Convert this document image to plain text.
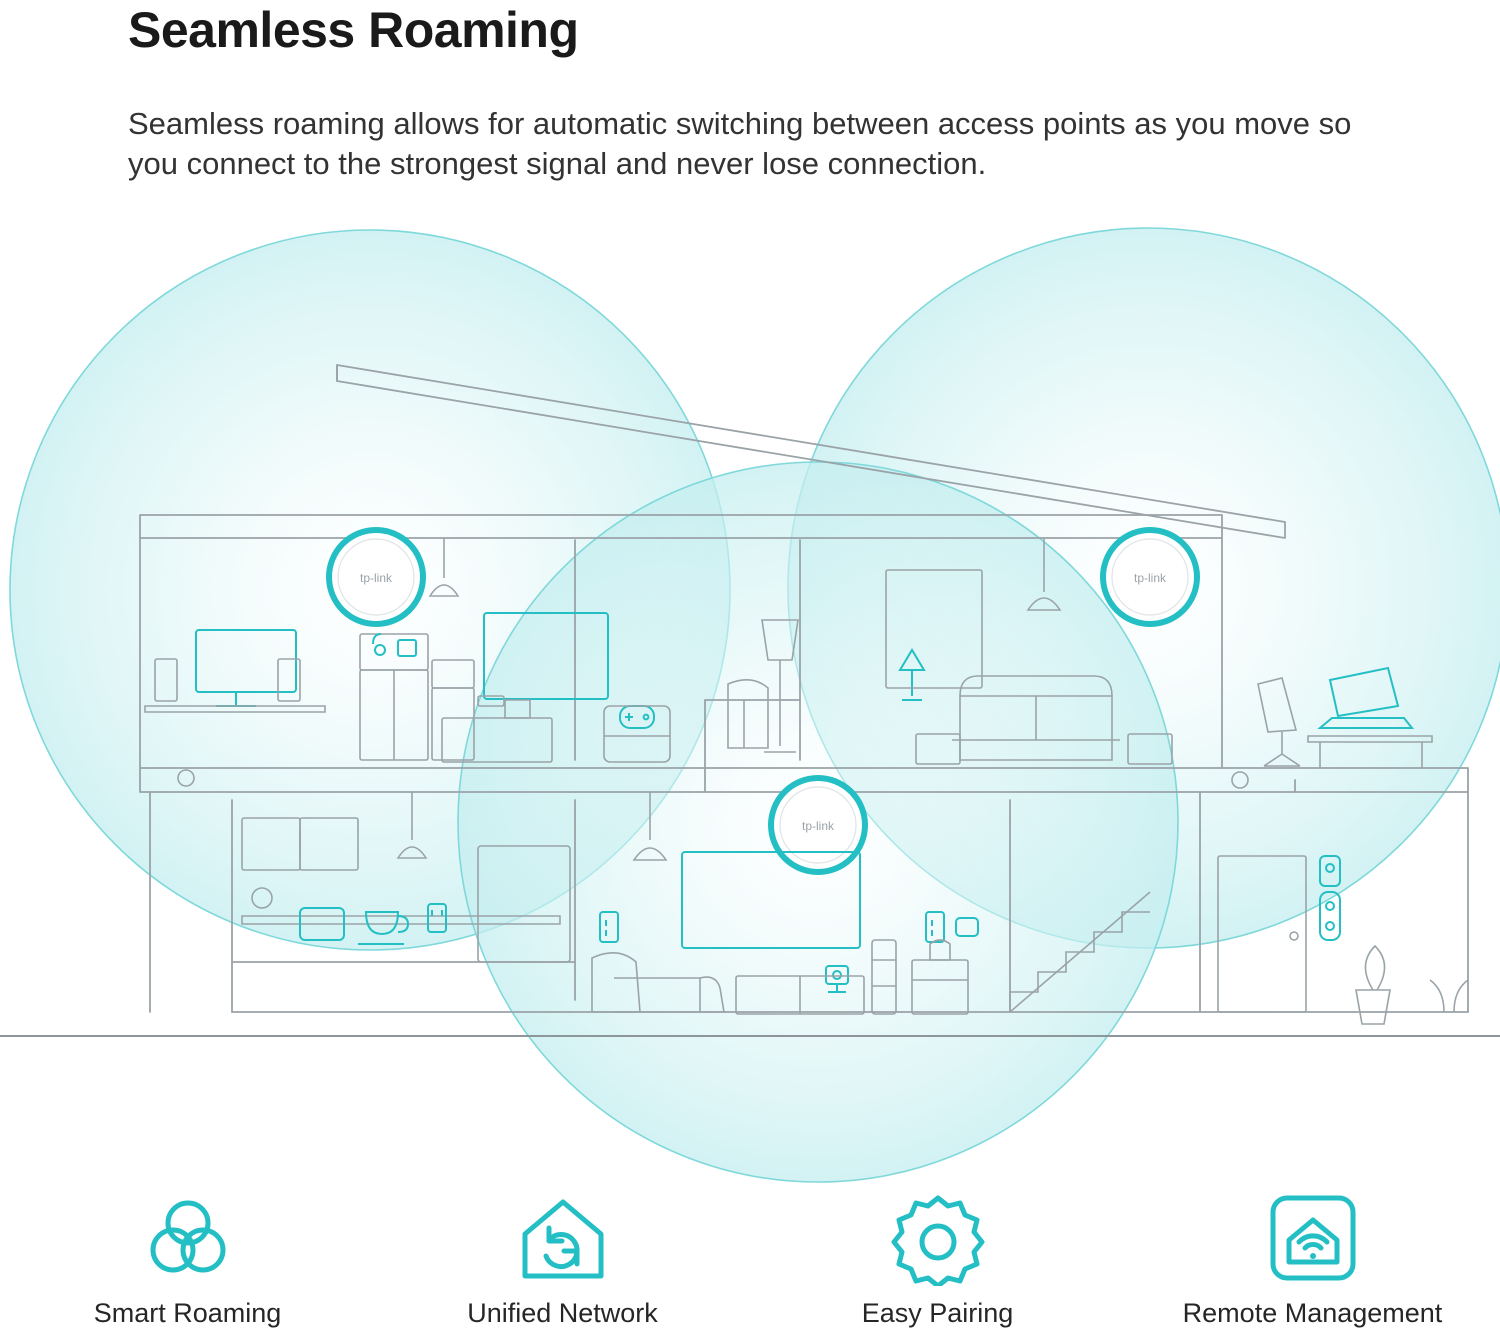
Seamless Roaming
Seamless roaming allows for automatic switching between access points as you move so you connect to the strongest signal and never lose connection.
tp-link	tp-link
tp-link
Smart Roaming	Unified Network	Easy Pairing	Remote Management
